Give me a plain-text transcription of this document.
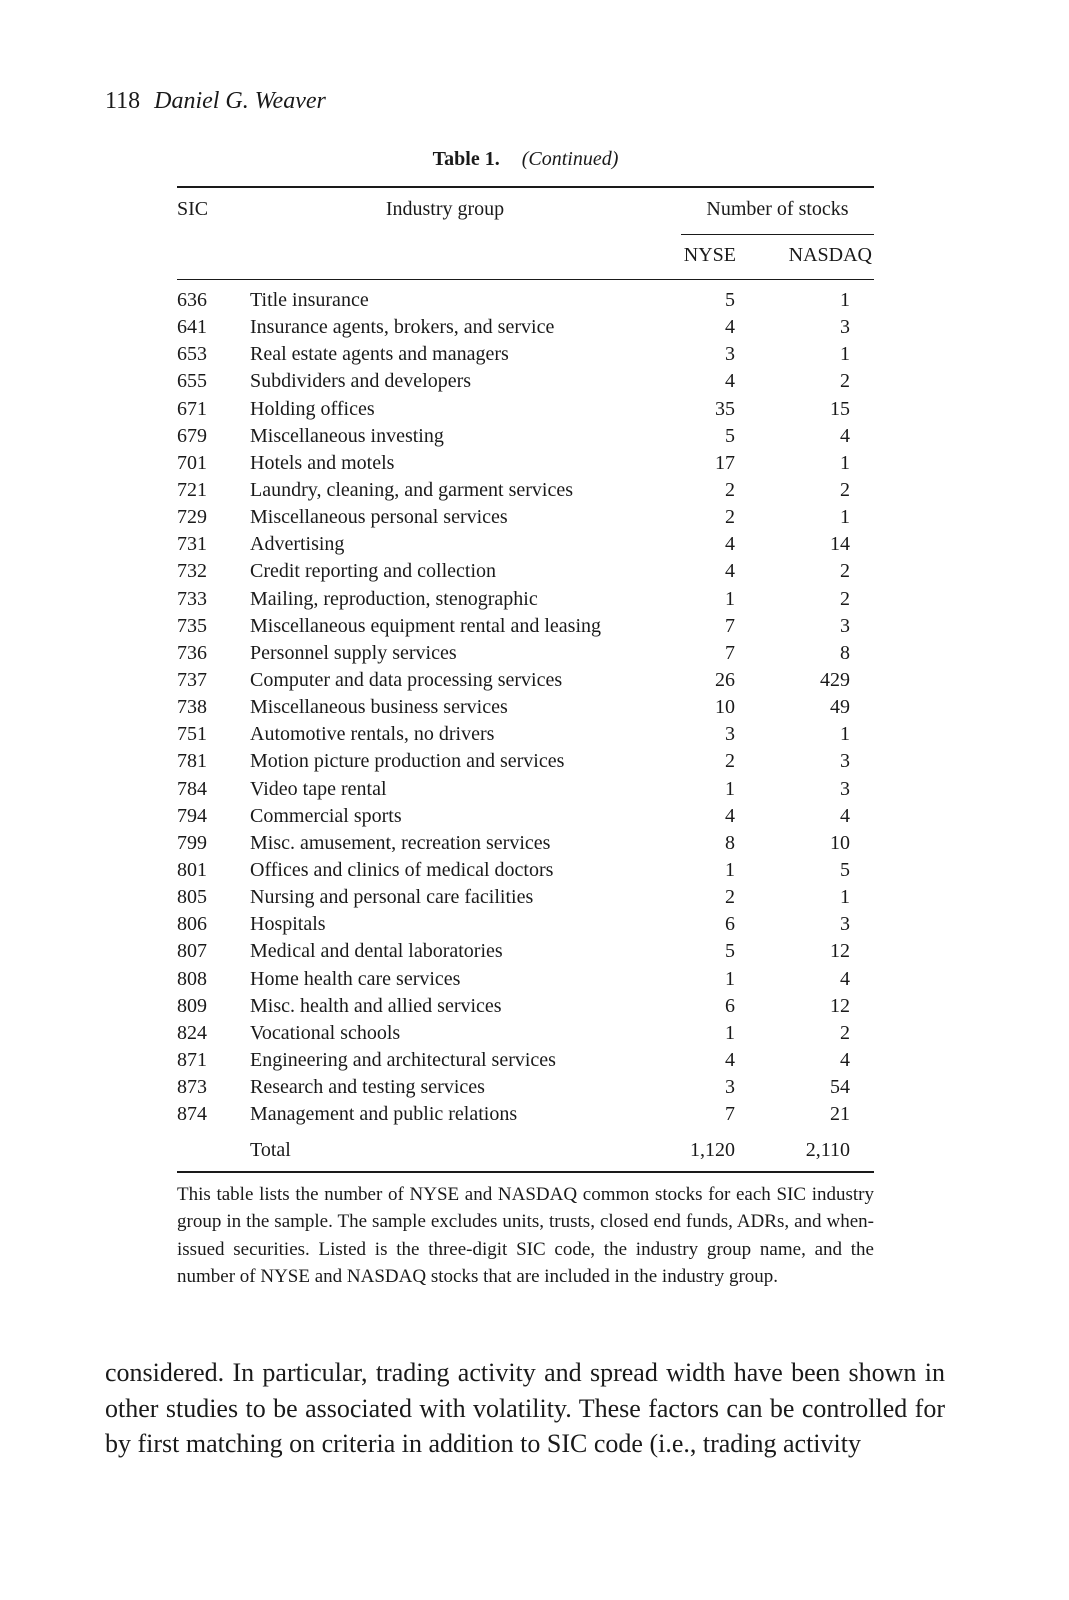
118 Daniel G. Weaver
Table 1. (Continued)
SIC	Industry group	Number of stocks
NYSE	NASDAQ
636 Title insurance	5	1
641 Insurance agents, brokers, and service	4	3
653 Real estate agents and managers	3	1
655 Subdividers and developers	4	2
671 Holding offices	35	15
679 Miscellaneous investing	5	4
701 Hotels and motels	17	1
721 Laundry, cleaning, and garment services	2	2
729 Miscellaneous personal services	2	1
731 Advertising	4	14
732 Credit reporting and collection	4	2
733 Mailing, reproduction, stenographic	1	2
735 Miscellaneous equipment rental and leasing	7	3
736 Personnel supply services	7	8
737 Computer and data processing services	26	429
738 Miscellaneous business services	10	49
751 Automotive rentals, no drivers	3	1
781 Motion picture production and services	2	3
784 Video tape rental	1	3
794 Commercial sports	4	4
799 Misc. amusement, recreation services	8	10
801 Offices and clinics of medical doctors	1	5
805 Nursing and personal care facilities	2	1
806 Hospitals	6	3
807 Medical and dental laboratories	5	12
808 Home health care services	1	4
809 Misc. health and allied services	6	12
824 Vocational schools	1	2
871 Engineering and architectural services	4	4
873 Research and testing services	3	54
874 Management and public relations	7	21
Total	1,120	2,110
This table lists the number of NYSE and NASDAQ common stocks for each SIC industry group in the sample. The sample excludes units, trusts, closed end funds, ADRs, and when-issued securities. Listed is the three-digit SIC code, the industry group name, and the number of NYSE and NASDAQ stocks that are included in the industry group.
considered. In particular, trading activity and spread width have been shown in other studies to be associated with volatility. These factors can be controlled for by first matching on criteria in addition to SIC code (i.e., trading activity
